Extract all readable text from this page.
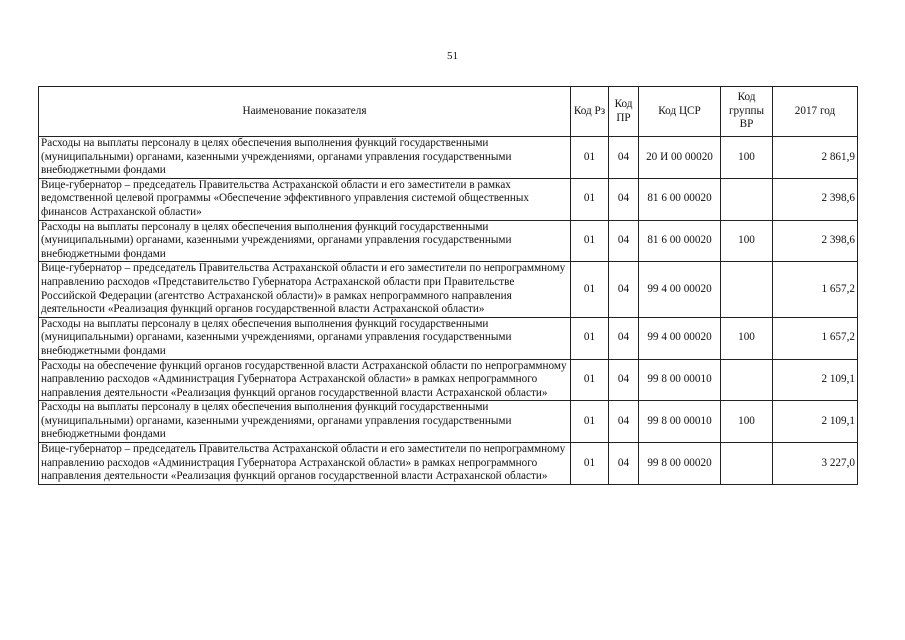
51
Наименование показателя	Код Рз	Код ПР	Код ЦСР	Код группы ВР	2017 год
Расходы на выплаты персоналу в целях обеспечения выполнения функций государственными (муниципальными) органами, казенными учреждениями, органами управления государственными внебюджетными фондами	01	04	20 И 00 00020	100	2 861,9
Вице-губернатор – председатель Правительства Астраханской области и его заместители в рамках ведомственной целевой программы «Обеспечение эффективного управления системой общественных финансов Астраханской области»	01	04	81 6 00 00020		2 398,6
Расходы на выплаты персоналу в целях обеспечения выполнения функций государственными (муниципальными) органами, казенными учреждениями, органами управления государственными внебюджетными фондами	01	04	81 6 00 00020	100	2 398,6
Вице-губернатор – председатель Правительства Астраханской области и его заместители по непрограммному направлению расходов «Представительство Губернатора Астраханской области при Правительстве Российской Федерации (агентство Астраханской области)» в рамках непрограммного направления деятельности «Реализация функций органов государственной власти Астраханской области»	01	04	99 4 00 00020		1 657,2
Расходы на выплаты персоналу в целях обеспечения выполнения функций государственными (муниципальными) органами, казенными учреждениями, органами управления государственными внебюджетными фондами	01	04	99 4 00 00020	100	1 657,2
Расходы на обеспечение функций органов государственной власти Астраханской области по непрограммному направлению расходов «Администрация Губернатора Астраханской области» в рамках непрограммного направления деятельности «Реализация функций органов государственной власти Астраханской области»	01	04	99 8 00 00010		2 109,1
Расходы на выплаты персоналу в целях обеспечения выполнения функций государственными (муниципальными) органами, казенными учреждениями, органами управления государственными внебюджетными фондами	01	04	99 8 00 00010	100	2 109,1
Вице-губернатор – председатель Правительства Астраханской области и его заместители по непрограммному направлению расходов «Администрация Губернатора Астраханской области» в рамках непрограммного направления деятельности «Реализация функций органов государственной власти Астраханской области»	01	04	99 8 00 00020		3 227,0
